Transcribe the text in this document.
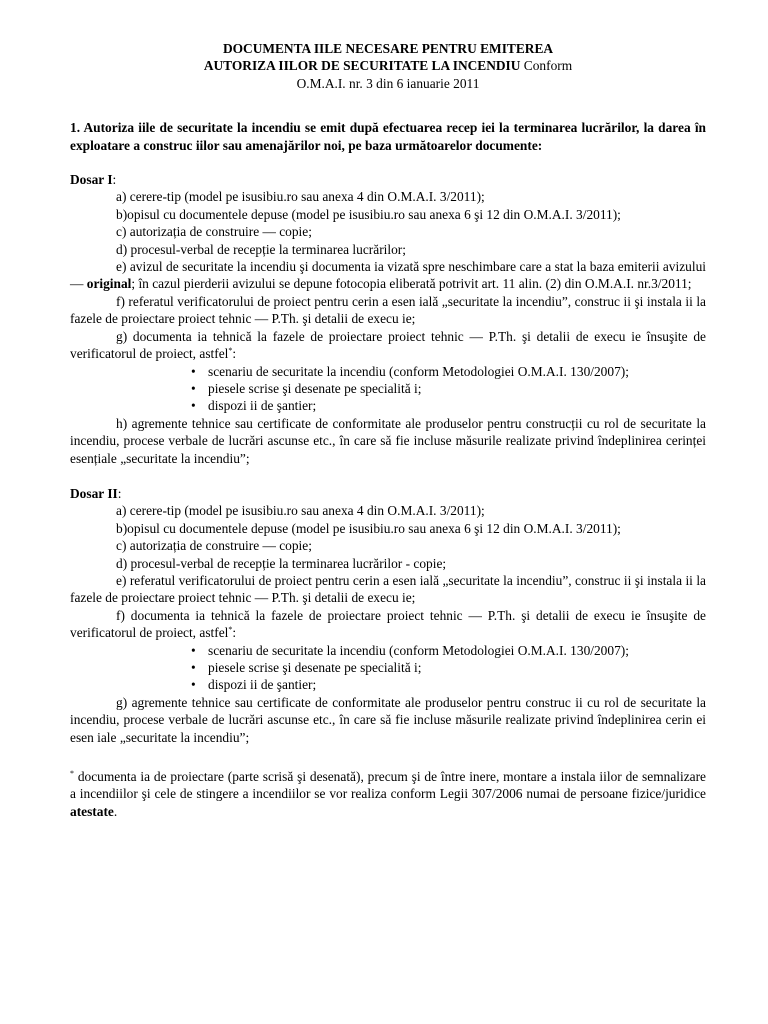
DOCUMENTA IILE NECESARE PENTRU EMITEREA
AUTORIZA IILOR DE SECURITATE LA INCENDIU Conform
O.M.A.I. nr. 3 din 6 ianuarie 2011
1. Autoriza iile de securitate la incendiu se emit după efectuarea recep iei la terminarea lucrărilor, la darea în exploatare a construc iilor sau amenajărilor noi, pe baza următoarelor documente:
Dosar I:
a) cerere-tip (model pe isusibiu.ro sau anexa 4 din O.M.A.I. 3/2011);
b)opisul cu documentele depuse (model pe isusibiu.ro sau anexa 6 şi 12 din O.M.A.I. 3/2011);
c) autorizația de construire — copie;
d) procesul-verbal de recepție la terminarea lucrărilor;
e) avizul de securitate la incendiu şi documenta ia vizată spre neschimbare care a stat la baza emiterii avizului — original; în cazul pierderii avizului se depune fotocopia eliberată potrivit art. 11 alin. (2) din O.M.A.I. nr.3/2011;
f) referatul verificatorului de proiect pentru cerin a esen ială „securitate la incendiu”, construc ii şi instala ii la fazele de proiectare proiect tehnic — P.Th. şi detalii de execu ie;
g) documenta ia tehnică la fazele de proiectare proiect tehnic — P.Th. şi detalii de execu ie însuşite de verificatorul de proiect, astfel*:
• scenariu de securitate la incendiu (conform Metodologiei O.M.A.I. 130/2007);
• piesele scrise şi desenate pe specialită i;
• dispozi ii de şantier;
h) agremente tehnice sau certificate de conformitate ale produselor pentru construcții cu rol de securitate la incendiu, procese verbale de lucrări ascunse etc., în care să fie incluse măsurile realizate privind îndeplinirea cerinței esențiale „securitate la incendiu”;
Dosar II:
a) cerere-tip (model pe isusibiu.ro sau anexa 4 din O.M.A.I. 3/2011);
b)opisul cu documentele depuse (model pe isusibiu.ro sau anexa 6 şi 12 din O.M.A.I. 3/2011);
c) autorizația de construire — copie;
d) procesul-verbal de recepție la terminarea lucrărilor - copie;
e) referatul verificatorului de proiect pentru cerin a esen ială „securitate la incendiu”, construc ii şi instala ii la fazele de proiectare proiect tehnic — P.Th. şi detalii de execu ie;
f) documenta ia tehnică la fazele de proiectare proiect tehnic — P.Th. şi detalii de execu ie însuşite de verificatorul de proiect, astfel*:
• scenariu de securitate la incendiu (conform Metodologiei O.M.A.I. 130/2007);
• piesele scrise şi desenate pe specialită i;
• dispozi ii de şantier;
g) agremente tehnice sau certificate de conformitate ale produselor pentru construc ii cu rol de securitate la incendiu, procese verbale de lucrări ascunse etc., în care să fie incluse măsurile realizate privind îndeplinirea cerin ei esen iale „securitate la incendiu”;
* documenta ia de proiectare (parte scrisă şi desenată), precum şi de între inere, montare a instala iilor de semnalizare a incendiilor şi cele de stingere a incendiilor se vor realiza conform Legii 307/2006 numai de persoane fizice/juridice atestate.
